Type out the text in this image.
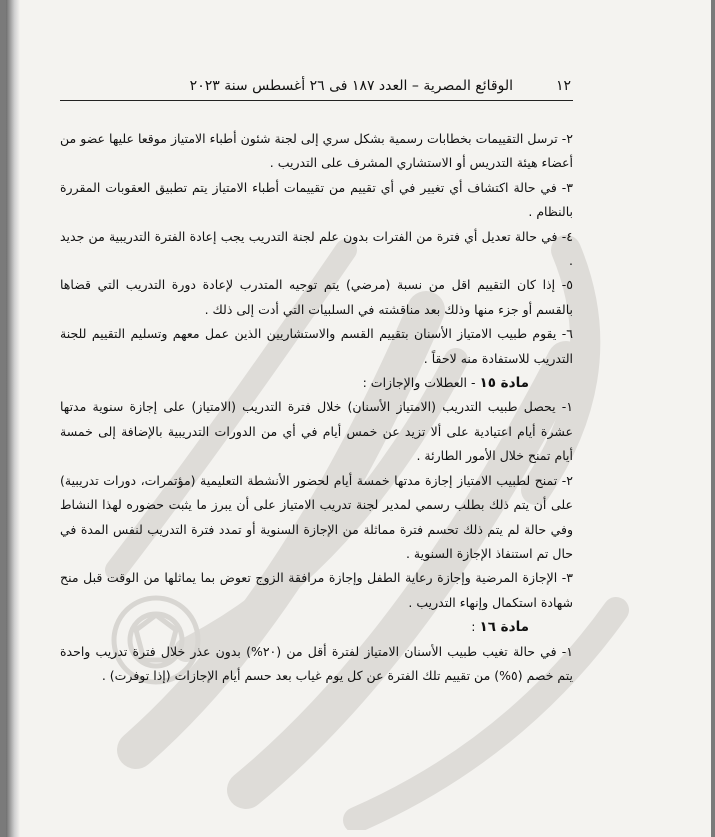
١٢
الوقائع المصرية – العدد ١٨٧ فى ٢٦ أغسطس سنة ٢٠٢٣

٢- ترسل التقييمات بخطابات رسمية بشكل سري إلى لجنة شئون أطباء الامتياز موقعا عليها عضو من أعضاء هيئة التدريس أو الاستشاري المشرف على التدريب .

٣- في حالة اكتشاف أي تغيير في أي تقييم من تقييمات أطباء الامتياز يتم تطبيق العقوبات المقررة بالنظام .

٤- في حالة تعديل أي فترة من الفترات بدون علم لجنة التدريب يجب إعادة الفترة التدريبية من جديد .

٥- إذا كان التقييم اقل من نسبة (مرضي) يتم توجيه المتدرب لإعادة دورة التدريب التي قضاها بالقسم أو جزء منها وذلك بعد مناقشته في السلبيات التي أدت إلى ذلك .

٦- يقوم طبيب الامتياز الأسنان بتقييم القسم والاستشاريين الذين عمل معهم وتسليم التقييم للجنة التدريب للاستفادة منه لاحقاً .

مادة ١٥ - العطلات والإجازات :

١- يحصل طبيب التدريب (الامتياز الأسنان) خلال فترة التدريب (الامتياز) على إجازة سنوية مدتها عشرة أيام اعتيادية على ألا تزيد عن خمس أيام في أي من الدورات التدريبية بالإضافة إلى خمسة أيام تمنح خلال الأمور الطارئة .

٢- تمنح لطبيب الامتياز إجازة مدتها خمسة أيام لحضور الأنشطة التعليمية (مؤتمرات، دورات تدريبية) على أن يتم ذلك بطلب رسمي لمدير لجنة تدريب الامتياز على أن يبرز ما يثبت حضوره لهذا النشاط وفي حالة لم يتم ذلك تحسم فترة مماثلة من الإجازة السنوية أو تمدد فترة التدريب لنفس المدة في حال تم استنفاذ الإجازة السنوية .

٣- الإجازة المرضية وإجازة رعاية الطفل وإجازة مرافقة الزوج تعوض بما يماثلها من الوقت قبل منح شهادة استكمال وإنهاء التدريب .

مادة ١٦ :

١- في حالة تغيب طبيب الأسنان الامتياز لفترة أقل من (٢٠%) بدون عذر خلال فترة تدريب واحدة يتم خصم (٥%) من تقييم تلك الفترة عن كل يوم غياب بعد حسم أيام الإجازات (إذا توفرت) .
